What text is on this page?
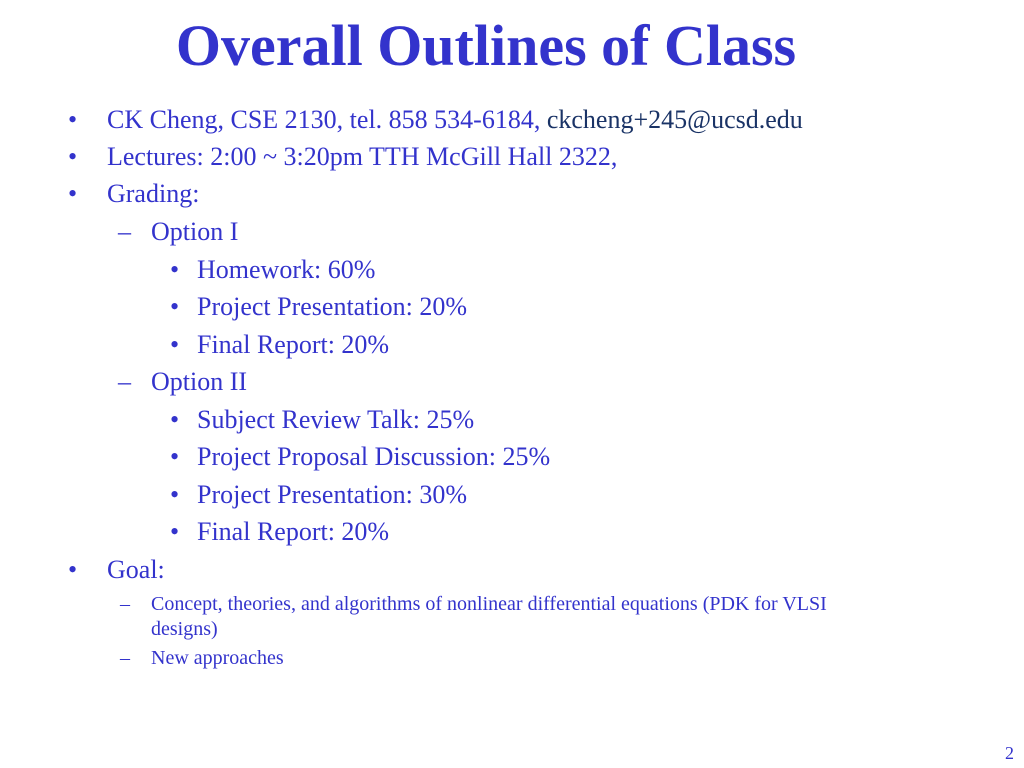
Overall Outlines of Class
• CK Cheng, CSE 2130, tel. 858 534-6184, ckcheng+245@ucsd.edu
• Lectures: 2:00 ~ 3:20pm TTH McGill Hall 2322,
• Grading:
– Option I
• Homework: 60%
• Project Presentation: 20%
• Final Report: 20%
– Option II
• Subject Review Talk: 25%
• Project Proposal Discussion: 25%
• Project Presentation: 30%
• Final Report: 20%
• Goal:
– Concept, theories, and algorithms of nonlinear differential equations (PDK for VLSI
designs)
– New approaches
2
